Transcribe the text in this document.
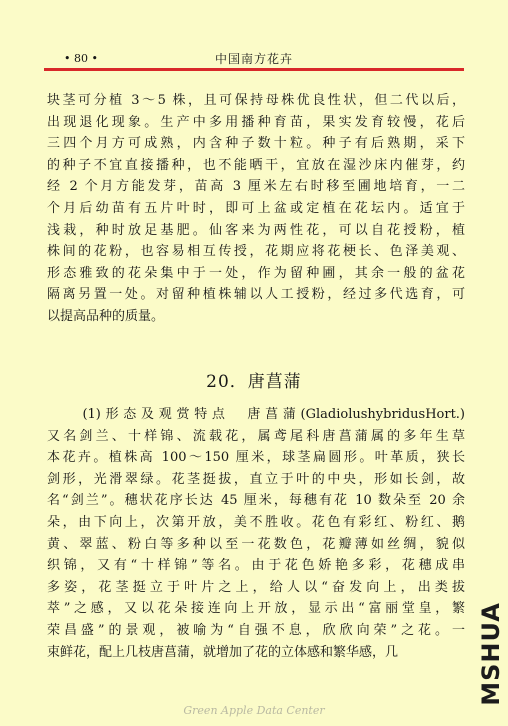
• 80 •	中国南方花卉
块茎可分植 3～5 株，且可保持母株优良性状，但二代以后，
出现退化现象。生产中多用播种育苗，果实发育较慢，花后
三四个月方可成熟，内含种子数十粒。种子有后熟期，采下
的种子不宜直接播种，也不能晒干，宜放在湿沙床内催芽，约
经 2 个月方能发芽，苗高 3 厘米左右时移至圃地培育，一二
个月后幼苗有五片叶时，即可上盆或定植在花坛内。适宜于
浅栽，种时放足基肥。仙客来为两性花，可以自花授粉，植
株间的花粉，也容易相互传授，花期应将花梗长、色泽美观、
形态雅致的花朵集中于一处，作为留种圃，其余一般的盆花
隔离另置一处。对留种植株辅以人工授粉，经过多代选育，可
以提高品种的质量。
20．唐菖蒲
　　(1)形态及观赏特点　唐菖蒲(GladiolushybridusHort.)
又名剑兰、十样锦、流载花，属鸢尾科唐菖蒲属的多年生草
本花卉。植株高 100～150 厘米，球茎扁圆形。叶革质，狭长
剑形，光滑翠绿。花茎挺拔，直立于叶的中央，形如长剑，故
名“剑兰”。穗状花序长达 45 厘米，每穗有花 10 数朵至 20 余
朵，由下向上，次第开放，美不胜收。花色有彩红、粉红、鹅
黄、翠蓝、粉白等多种以至一花数色，花瓣薄如丝绸，貌似
织锦，又有“十样锦”等名。由于花色娇艳多彩，花穗成串
多姿，花茎挺立于叶片之上，给人以“奋发向上，出类拔
萃”之感，又以花朵接连向上开放，显示出“富丽堂皇，繁
荣昌盛”的景观，被喻为“自强不息，欣欣向荣”之花。一
束鲜花，配上几枝唐菖蒲，就增加了花的立体感和繁华感，几	MSHUA
Green Apple Data Center
